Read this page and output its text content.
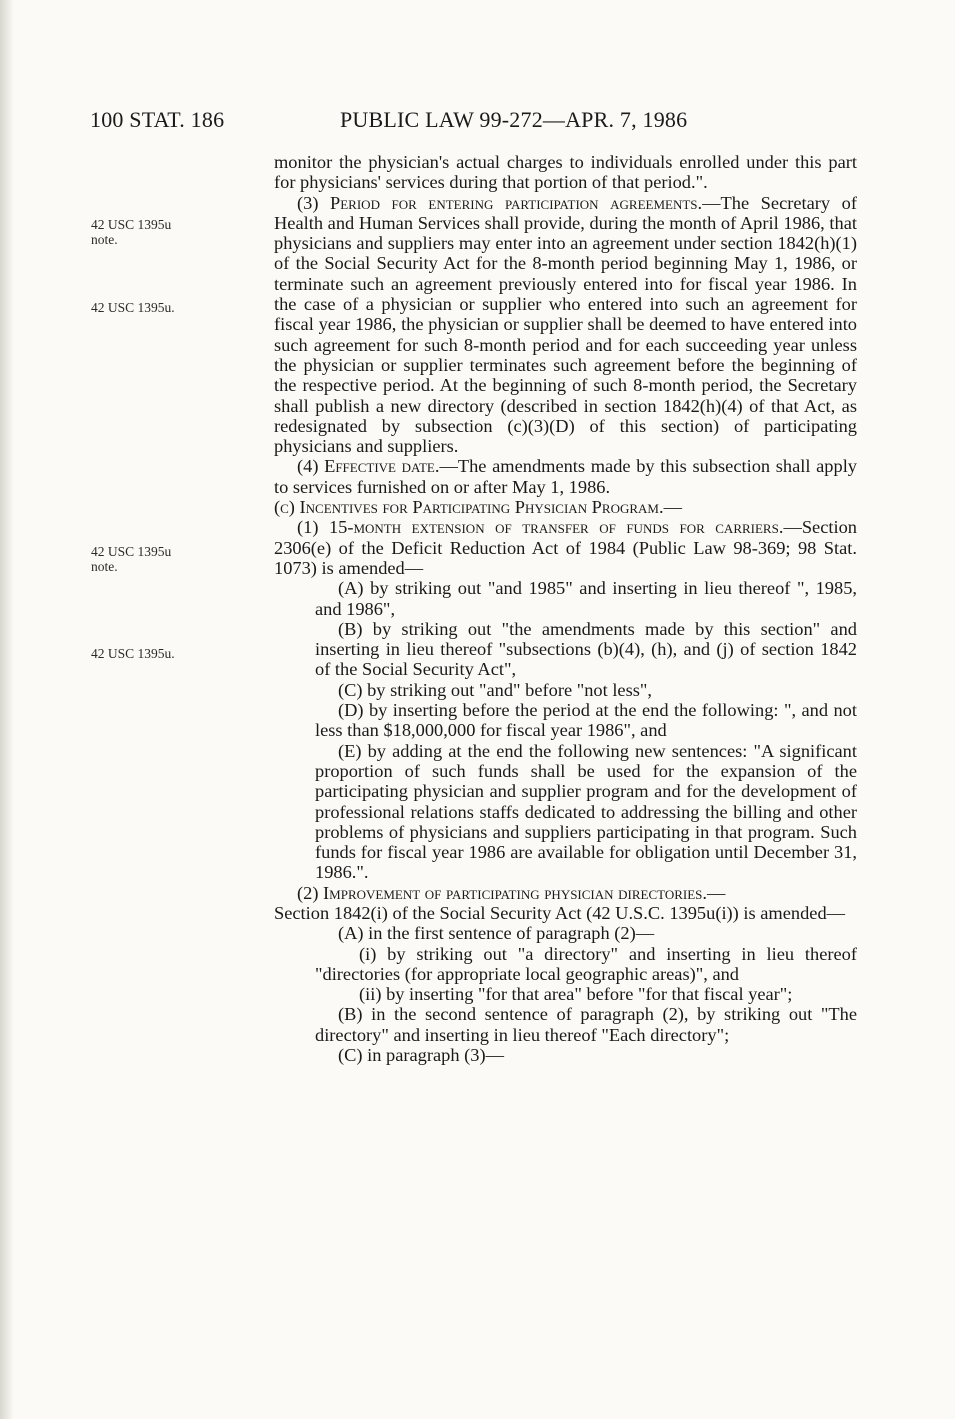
100 STAT. 186	PUBLIC LAW 99-272—APR. 7, 1986
42 USC 1395u note.
42 USC 1395u.
42 USC 1395u note.
42 USC 1395u.

monitor the physician's actual charges to individuals enrolled under this part for physicians' services during that portion of that period.".

(3) Period for entering participation agreements.—The Secretary of Health and Human Services shall provide, during the month of April 1986, that physicians and suppliers may enter into an agreement under section 1842(h)(1) of the Social Security Act for the 8-month period beginning May 1, 1986, or terminate such an agreement previously entered into for fiscal year 1986. In the case of a physician or supplier who entered into such an agreement for fiscal year 1986, the physician or supplier shall be deemed to have entered into such agreement for such 8-month period and for each succeeding year unless the physician or supplier terminates such agreement before the beginning of the respective period. At the beginning of such 8-month period, the Secretary shall publish a new directory (described in section 1842(h)(4) of that Act, as redesignated by subsection (c)(3)(D) of this section) of participating physicians and suppliers.

(4) Effective date.—The amendments made by this subsection shall apply to services furnished on or after May 1, 1986.

(c) Incentives for Participating Physician Program.—

(1) 15-month extension of transfer of funds for carriers.—Section 2306(e) of the Deficit Reduction Act of 1984 (Public Law 98-369; 98 Stat. 1073) is amended—

(A) by striking out "and 1985" and inserting in lieu thereof ", 1985, and 1986",

(B) by striking out "the amendments made by this section" and inserting in lieu thereof "subsections (b)(4), (h), and (j) of section 1842 of the Social Security Act",

(C) by striking out "and" before "not less",

(D) by inserting before the period at the end the following: ", and not less than $18,000,000 for fiscal year 1986", and

(E) by adding at the end the following new sentences: "A significant proportion of such funds shall be used for the expansion of the participating physician and supplier program and for the development of professional relations staffs dedicated to addressing the billing and other problems of physicians and suppliers participating in that program. Such funds for fiscal year 1986 are available for obligation until December 31, 1986.".

(2) Improvement of participating physician directories.—

Section 1842(i) of the Social Security Act (42 U.S.C. 1395u(i)) is amended—

(A) in the first sentence of paragraph (2)—

(i) by striking out "a directory" and inserting in lieu thereof "directories (for appropriate local geographic areas)", and

(ii) by inserting "for that area" before "for that fiscal year";

(B) in the second sentence of paragraph (2), by striking out "The directory" and inserting in lieu thereof "Each directory";

(C) in paragraph (3)—
